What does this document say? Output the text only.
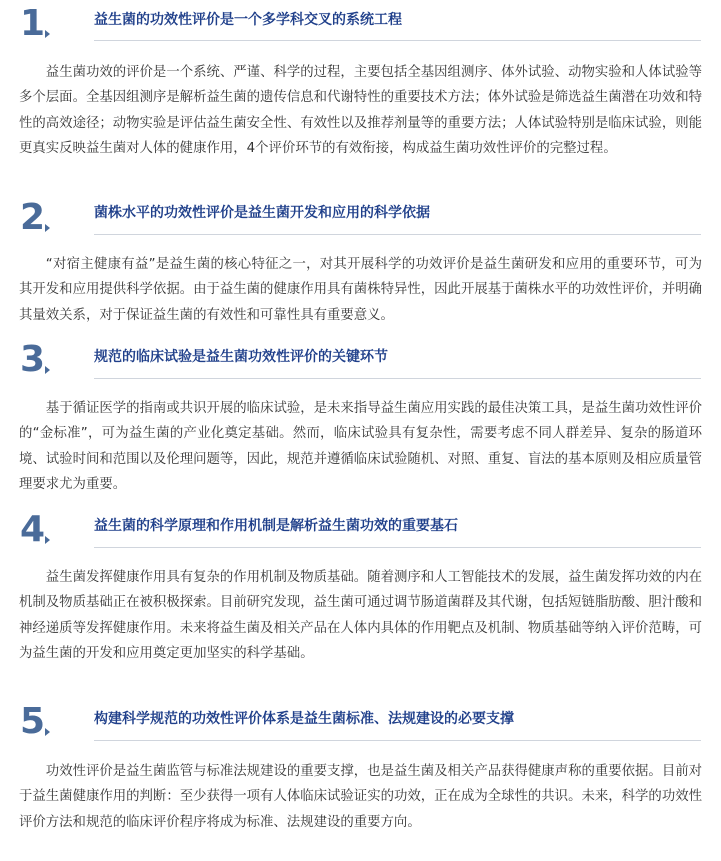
1	益生菌的功效性评价是一个多学科交叉的系统工程

益生菌功效的评价是一个系统、严谨、科学的过程，主要包括全基因组测序、体外试验、动物实验和人体试验等多个层面。全基因组测序是解析益生菌的遗传信息和代谢特性的重要技术方法；体外试验是筛选益生菌潜在功效和特性的高效途径；动物实验是评估益生菌安全性、有效性以及推荐剂量等的重要方法；人体试验特别是临床试验，则能更真实反映益生菌对人体的健康作用，4个评价环节的有效衔接，构成益生菌功效性评价的完整过程。

2	菌株水平的功效性评价是益生菌开发和应用的科学依据

“对宿主健康有益”是益生菌的核心特征之一，对其开展科学的功效评价是益生菌研发和应用的重要环节，可为其开发和应用提供科学依据。由于益生菌的健康作用具有菌株特异性，因此开展基于菌株水平的功效性评价，并明确其量效关系，对于保证益生菌的有效性和可靠性具有重要意义。

3	规范的临床试验是益生菌功效性评价的关键环节

基于循证医学的指南或共识开展的临床试验，是未来指导益生菌应用实践的最佳决策工具，是益生菌功效性评价的“金标准”，可为益生菌的产业化奠定基础。然而，临床试验具有复杂性，需要考虑不同人群差异、复杂的肠道环境、试验时间和范围以及伦理问题等，因此，规范并遵循临床试验随机、对照、重复、盲法的基本原则及相应质量管理要求尤为重要。

4	益生菌的科学原理和作用机制是解析益生菌功效的重要基石

益生菌发挥健康作用具有复杂的作用机制及物质基础。随着测序和人工智能技术的发展，益生菌发挥功效的内在机制及物质基础正在被积极探索。目前研究发现，益生菌可通过调节肠道菌群及其代谢，包括短链脂肪酸、胆汁酸和神经递质等发挥健康作用。未来将益生菌及相关产品在人体内具体的作用靶点及机制、物质基础等纳入评价范畴，可为益生菌的开发和应用奠定更加坚实的科学基础。

5	构建科学规范的功效性评价体系是益生菌标准、法规建设的必要支撑

功效性评价是益生菌监管与标准法规建设的重要支撑，也是益生菌及相关产品获得健康声称的重要依据。目前对于益生菌健康作用的判断：至少获得一项有人体临床试验证实的功效，正在成为全球性的共识。未来，科学的功效性评价方法和规范的临床评价程序将成为标准、法规建设的重要方向。
